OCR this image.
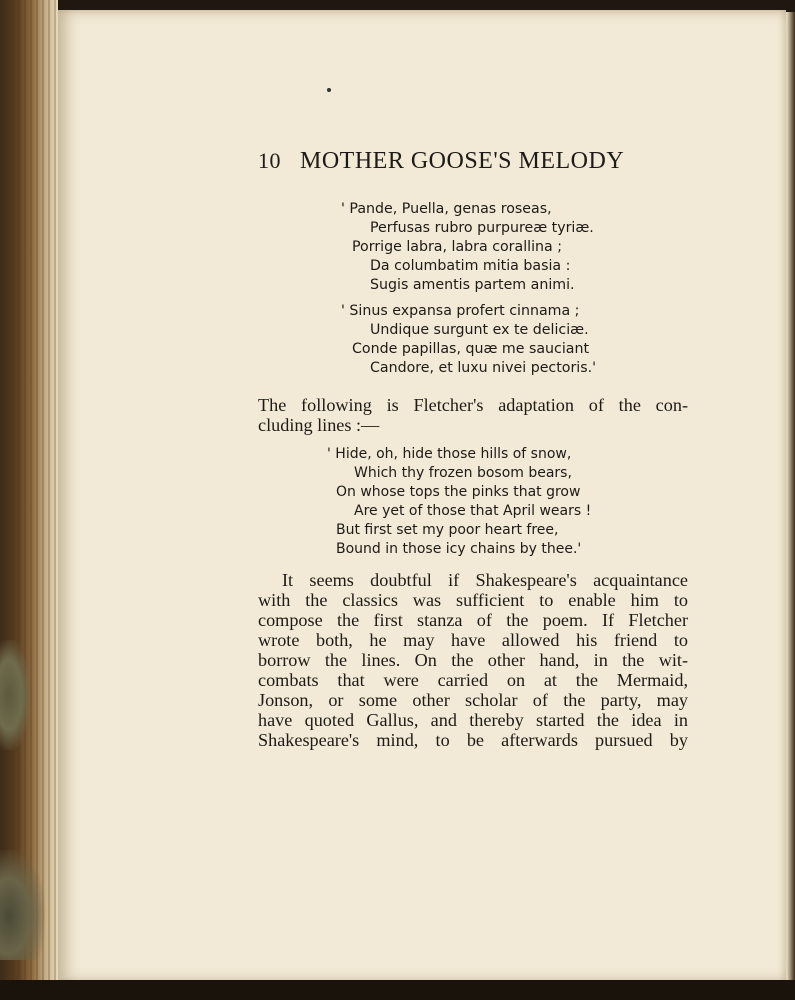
10 MOTHER GOOSE'S MELODY
' Pande, Puella, genas roseas,
Perfusas rubro purpureæ tyriæ.
Porrige labra, labra corallina ;
Da columbatim mitia basia :
Sugis amentis partem animi.
' Sinus expansa profert cinnama ;
Undique surgunt ex te deliciæ.
Conde papillas, quæ me sauciant
Candore, et luxu nivei pectoris.'
The following is Fletcher's adaptation of the con-
cluding lines :—
' Hide, oh, hide those hills of snow,
Which thy frozen bosom bears,
On whose tops the pinks that grow
Are yet of those that April wears !
But first set my poor heart free,
Bound in those icy chains by thee.'
It seems doubtful if Shakespeare's acquaintance
with the classics was sufficient to enable him to
compose the first stanza of the poem. If Fletcher
wrote both, he may have allowed his friend to
borrow the lines. On the other hand, in the wit-
combats that were carried on at the Mermaid,
Jonson, or some other scholar of the party, may
have quoted Gallus, and thereby started the idea in
Shakespeare's mind, to be afterwards pursued by
